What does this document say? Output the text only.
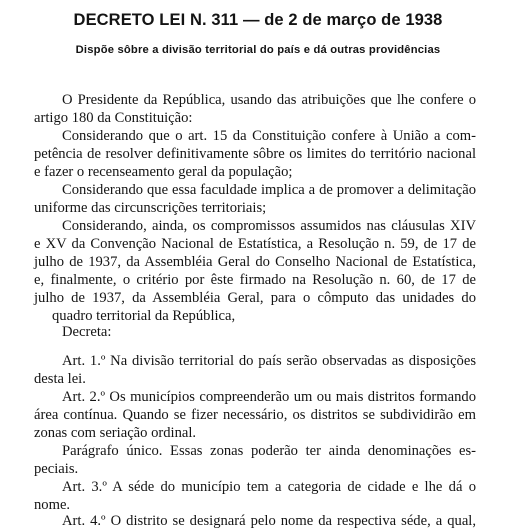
DECRETO LEI N. 311 — de 2 de março de 1938
Dispõe sôbre a divisão territorial do país e dá outras providências
O Presidente da República, usando das atribuições que lhe confere o
artigo 180 da Constituição:
Considerando que o art. 15 da Constituição confere à União a com-
petência de resolver definitivamente sôbre os limites do território nacional
e fazer o recenseamento geral da população;
Considerando que essa faculdade implica a de promover a delimitação
uniforme das circunscrições territoriais;
Considerando, ainda, os compromissos assumidos nas cláusulas XIV
e XV da Convenção Nacional de Estatística, a Resolução n. 59, de 17 de
julho de 1937, da Assembléia Geral do Conselho Nacional de Estatística,
e, finalmente, o critério por êste firmado na Resolução n. 60, de 17 de
julho de 1937, da Assembléia Geral, para o cômputo das unidades do
quadro territorial da República,
Decreta:
Art. 1.º Na divisão territorial do país serão observadas as disposições
desta lei.
Art. 2.º Os municípios compreenderão um ou mais distritos formando
área contínua. Quando se fizer necessário, os distritos se subdividirão em
zonas com seriação ordinal.
Parágrafo único. Essas zonas poderão ter ainda denominações es-
peciais.
Art. 3.º A séde do município tem a categoria de cidade e lhe dá o
nome.
Art. 4.º O distrito se designará pelo nome da respectiva séde, a qual,
